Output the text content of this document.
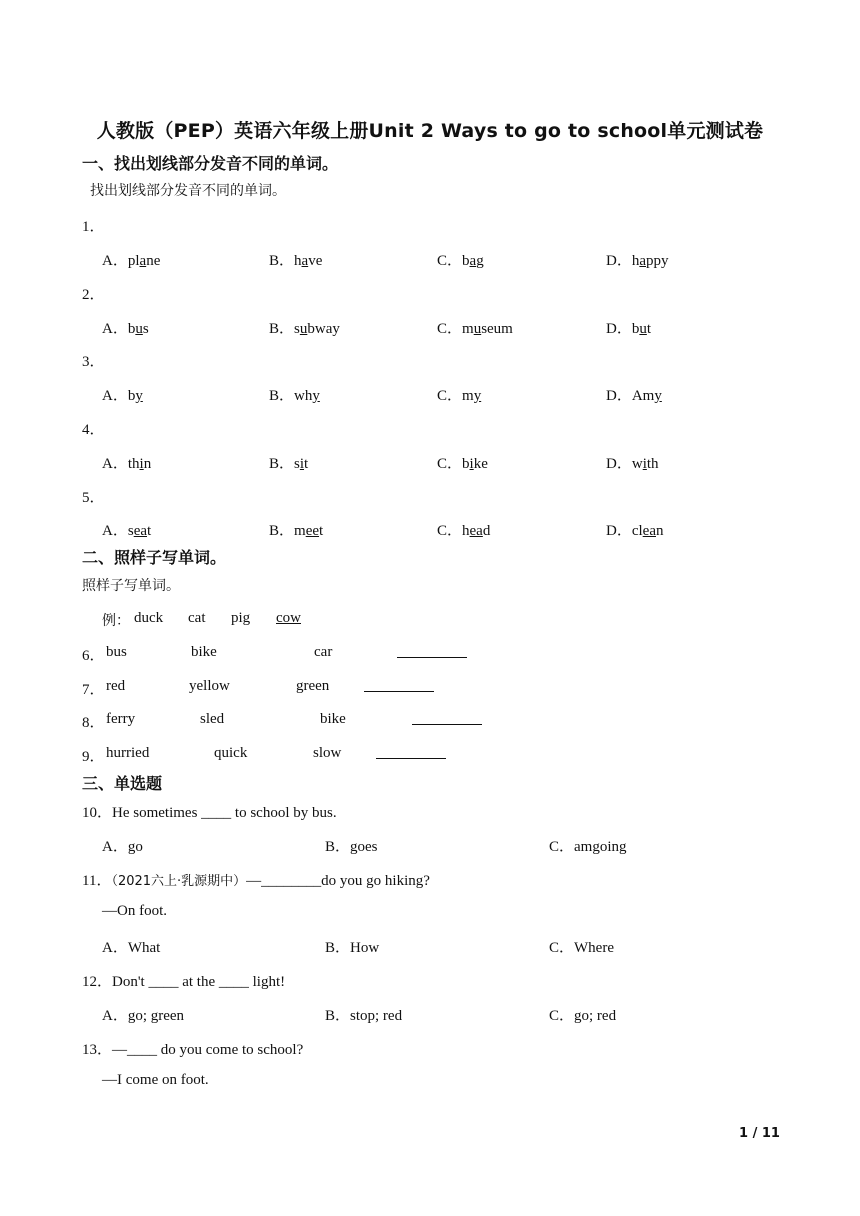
人教版（PEP）英语六年级上册Unit 2 Ways to go to school单元测试卷
一、找出划线部分发音不同的单词。
找出划线部分发音不同的单词。
1．
A．plane	B．have	C．bag	D．happy
2．
A．bus	B．subway	C．museum	D．but
3．
A．by	B．why	C．my	D．Amy
4．
A．thin	B．sit	C．bike	D．with
5．
A．seat	B．meet	C．head	D．clean
二、照样子写单词。
照样子写单词。
例： duck cat pig cow
6． bus	bike	car
7． red	yellow	green
8． ferry	sled	bike
9． hurried	quick	slow
三、单选题
10．He sometimes ____ to school by bus.
A．go	B．goes	C．amgoing
11．（2021六上·乳源期中）—________do you go hiking?
—On foot.
A．What	B．How	C．Where
12．Don't ____ at the ____ light!
A．go; green	B．stop; red	C．go; red
13．—____ do you come to school?
—I come on foot.
1 / 11
